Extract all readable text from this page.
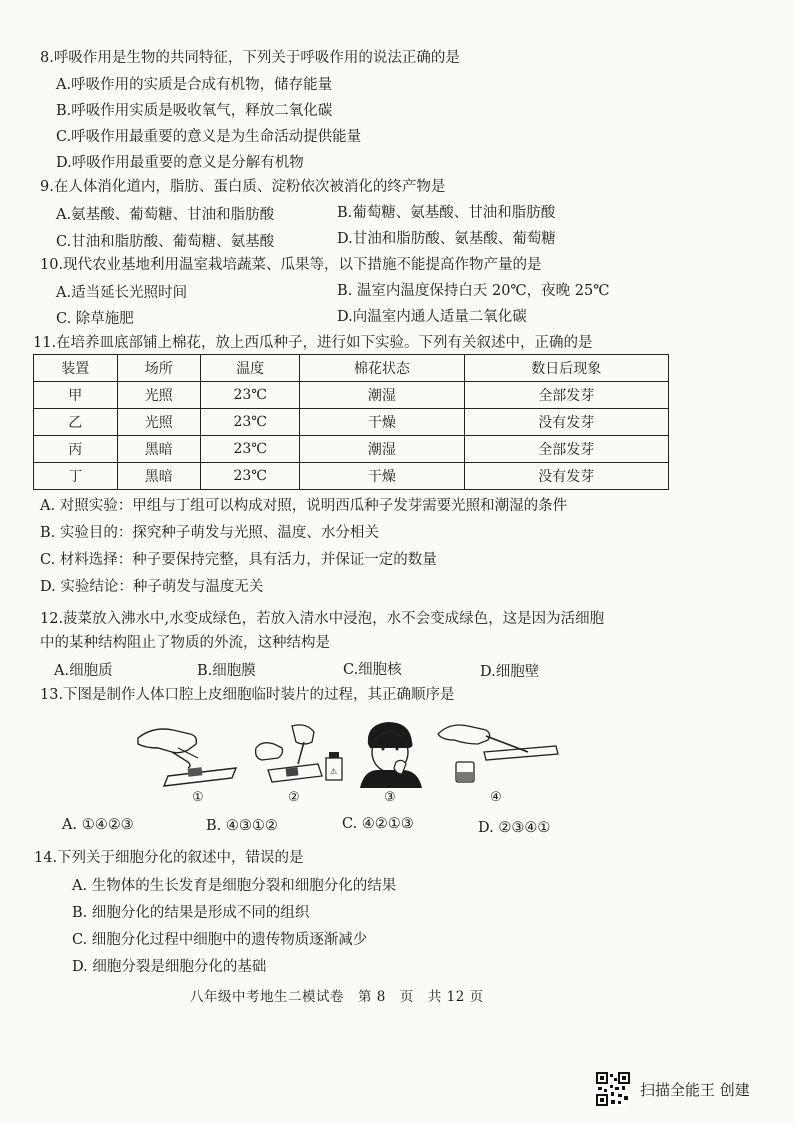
8.呼吸作用是生物的共同特征，下列关于呼吸作用的说法正确的是
A.呼吸作用的实质是合成有机物，储存能量
B.呼吸作用实质是吸收氧气，释放二氧化碳
C.呼吸作用最重要的意义是为生命活动提供能量
D.呼吸作用最重要的意义是分解有机物
9.在人体消化道内，脂肪、蛋白质、淀粉依次被消化的终产物是
A.氨基酸、葡萄糖、甘油和脂肪酸	B.葡萄糖、氨基酸、甘油和脂肪酸
C.甘油和脂肪酸、葡萄糖、氨基酸	D.甘油和脂肪酸、氨基酸、葡萄糖
10.现代农业基地利用温室栽培蔬菜、瓜果等，以下措施不能提高作物产量的是
A.适当延长光照时间	B. 温室内温度保持白天 20℃，夜晚 25℃
C. 除草施肥	D.向温室内通人适量二氧化碳
11.在培养皿底部铺上棉花，放上西瓜种子，进行如下实验。下列有关叙述中，正确的是
装置	场所	温度	棉花状态	数日后现象
甲	光照	23℃	潮湿	全部发芽
乙	光照	23℃	干燥	没有发芽
丙	黑暗	23℃	潮湿	全部发芽
丁	黑暗	23℃	干燥	没有发芽
A. 对照实验：甲组与丁组可以构成对照，说明西瓜种子发芽需要光照和潮湿的条件
B. 实验目的：探究种子萌发与光照、温度、水分相关
C. 材料选择：种子要保持完整，具有活力，并保证一定的数量
D. 实验结论：种子萌发与温度无关
12.菠菜放入沸水中,水变成绿色，若放入清水中浸泡，水不会变成绿色，这是因为活细胞
中的某种结构阻止了物质的外流，这种结构是
A.细胞质	B.细胞膜	C.细胞核	D.细胞壁
13.下图是制作人体口腔上皮细胞临时装片的过程，其正确顺序是
①
⚠
②	③	④
A. ①④②③	B. ④③①②	C. ④②①③	D. ②③④①
14.下列关于细胞分化的叙述中，错误的是
A. 生物体的生长发育是细胞分裂和细胞分化的结果
B. 细胞分化的结果是形成不同的组织
C. 细胞分化过程中细胞中的遗传物质逐渐减少
D. 细胞分裂是细胞分化的基础
八年级中考地生二模试卷　第 8　页　共 12 页
扫描全能王 创建
